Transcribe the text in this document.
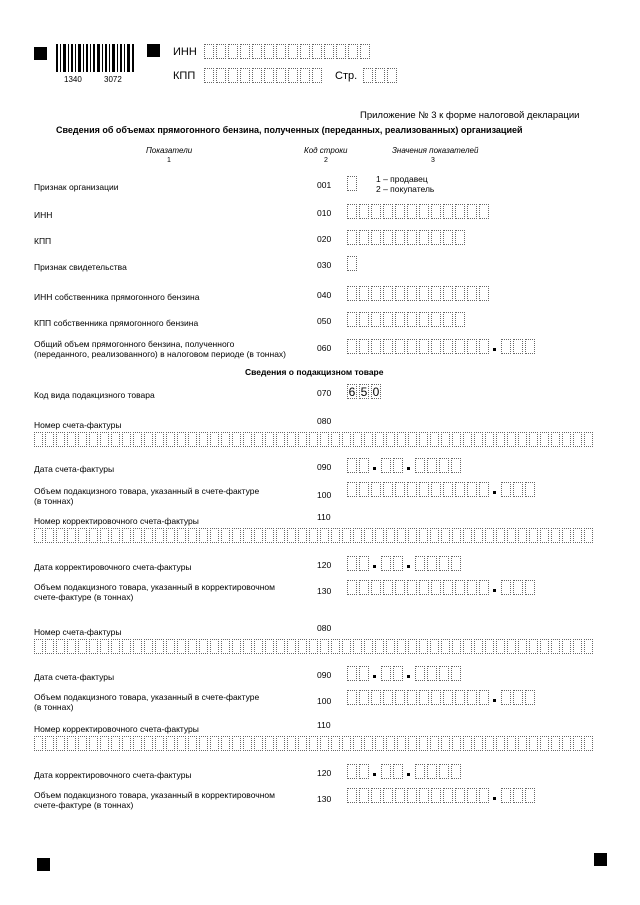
1340	3072
ИНН
КПП	Стр.
Приложение № 3 к форме налоговой декларации
Сведения об объемах прямогонного бензина, полученных (переданных, реализованных) организацией
Показатели
1
Код строки
2
Значения показателей
3
Признак организации	001
1 – продавец
2 – покупатель
ИНН	010
КПП	020
Признак свидетельства	030
ИНН собственника прямогонного бензина	040
КПП собственника прямогонного бензина	050
Общий объем прямогонного бензина, полученного
(переданного, реализованного) в налоговом периоде (в тоннах)
060
Сведения о подакцизном товаре
Код вида подакцизного товара	070 6 5 0
Номер счета-фактуры	080
Дата счета-фактуры	090
Объем подакцизного товара, указанный в счете-фактуре
(в тоннах)
100
Номер корректировочного счета-фактуры	110
Дата корректировочного счета-фактуры	120
Объем подакцизного товара, указанный в корректировочном
счете-фактуре (в тоннах)
130
Номер счета-фактуры	080
Дата счета-фактуры	090
Объем подакцизного товара, указанный в счете-фактуре
(в тоннах)
100
Номер корректировочного счета-фактуры	110
Дата корректировочного счета-фактуры	120
Объем подакцизного товара, указанный в корректировочном
счете-фактуре (в тоннах)
130
